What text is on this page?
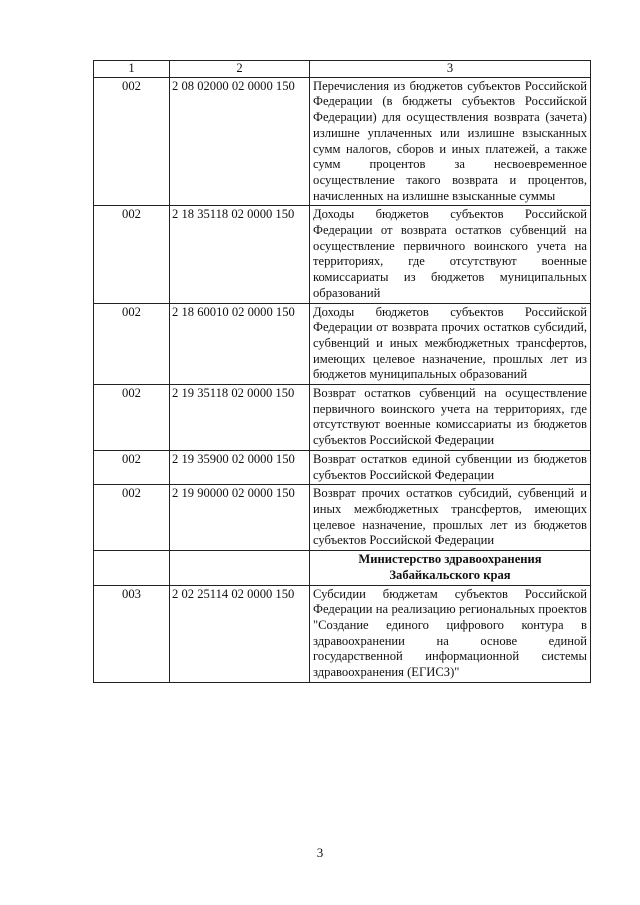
1	2	3
002	2 08 02000 02 0000 150	Перечисления из бюджетов субъектов Российской Федерации (в бюджеты субъектов Российской Федерации) для осуществления возврата (зачета) излишне уплаченных или излишне взысканных сумм налогов, сборов и иных платежей, а также сумм процентов за несвоевременное осуществление такого возврата и процентов, начисленных на излишне взысканные суммы
002	2 18 35118 02 0000 150	Доходы бюджетов субъектов Российской Федерации от возврата остатков субвенций на осуществление первичного воинского учета на территориях, где отсутствуют военные комиссариаты из бюджетов муниципальных образований
002	2 18 60010 02 0000 150	Доходы бюджетов субъектов Российской Федерации от возврата прочих остатков субсидий, субвенций и иных межбюджетных трансфертов, имеющих целевое назначение, прошлых лет из бюджетов муниципальных образований
002	2 19 35118 02 0000 150	Возврат остатков субвенций на осуществление первичного воинского учета на территориях, где отсутствуют военные комиссариаты из бюджетов субъектов Российской Федерации
002	2 19 35900 02 0000 150	Возврат остатков единой субвенции из бюджетов субъектов Российской Федерации
002	2 19 90000 02 0000 150	Возврат прочих остатков субсидий, субвенций и иных межбюджетных трансфертов, имеющих целевое назначение, прошлых лет из бюджетов субъектов Российской Федерации
		Министерство здравоохранения Забайкальского края
003	2 02 25114 02 0000 150	Субсидии бюджетам субъектов Российской Федерации на реализацию региональных проектов "Создание единого цифрового контура в здравоохранении на основе единой государственной информационной системы здравоохранения (ЕГИСЗ)"
3
